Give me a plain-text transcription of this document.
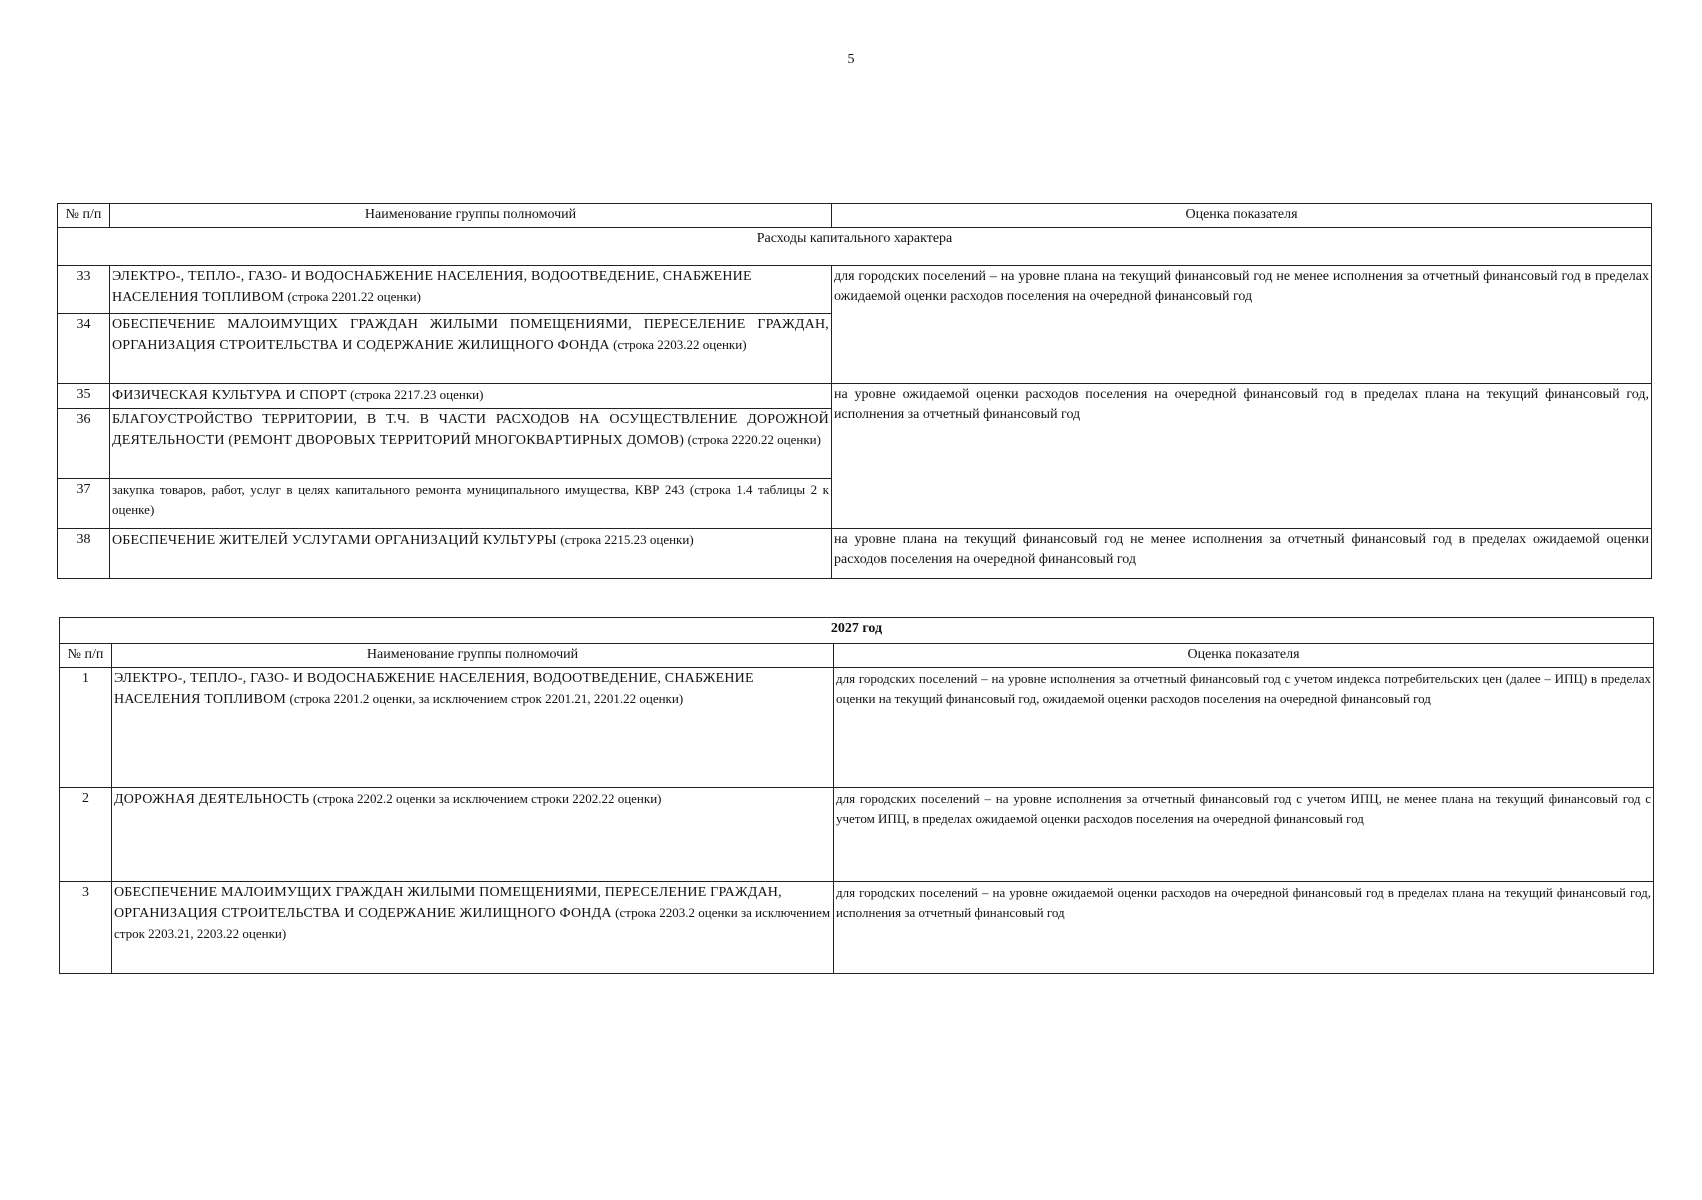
5
№ п/п	Наименование группы полномочий	Оценка показателя
Расходы капитального характера		
33	ЭЛЕКТРО-, ТЕПЛО-, ГАЗО- И ВОДОСНАБЖЕНИЕ НАСЕЛЕНИЯ, ВОДООТВЕДЕНИЕ, СНАБЖЕНИЕ НАСЕЛЕНИЯ ТОПЛИВОМ (строка 2201.22 оценки)	для городских поселений – на уровне плана на текущий финансовый год не менее исполнения за отчетный финансовый год в пределах ожидаемой оценки расходов поселения на очередной финансовый год
34	ОБЕСПЕЧЕНИЕ МАЛОИМУЩИХ ГРАЖДАН ЖИЛЫМИ ПОМЕЩЕНИЯМИ, ПЕРЕСЕЛЕНИЕ ГРАЖДАН, ОРГАНИЗАЦИЯ СТРОИТЕЛЬСТВА И СОДЕРЖАНИЕ ЖИЛИЩНОГО ФОНДА (строка 2203.22 оценки)	
35	ФИЗИЧЕСКАЯ КУЛЬТУРА И СПОРТ (строка 2217.23 оценки)	на уровне ожидаемой оценки расходов поселения на очередной финансовый год в пределах плана на текущий финансовый год, исполнения за отчетный финансовый год
36	БЛАГОУСТРОЙСТВО ТЕРРИТОРИИ, В Т.Ч. В ЧАСТИ РАСХОДОВ НА ОСУЩЕСТВЛЕНИЕ ДОРОЖНОЙ ДЕЯТЕЛЬНОСТИ (РЕМОНТ ДВОРОВЫХ ТЕРРИТОРИЙ МНОГОКВАРТИРНЫХ ДОМОВ) (строка 2220.22 оценки)	
37	закупка товаров, работ, услуг в целях капитального ремонта муниципального имущества, КВР 243 (строка 1.4 таблицы 2 к оценке)	
38	ОБЕСПЕЧЕНИЕ ЖИТЕЛЕЙ УСЛУГАМИ ОРГАНИЗАЦИЙ КУЛЬТУРЫ (строка 2215.23 оценки)	на уровне плана на текущий финансовый год не менее исполнения за отчетный финансовый год в пределах ожидаемой оценки расходов поселения на очередной финансовый год
2027 год		
№ п/п	Наименование группы полномочий	Оценка показателя
1	ЭЛЕКТРО-, ТЕПЛО-, ГАЗО- И ВОДОСНАБЖЕНИЕ НАСЕЛЕНИЯ, ВОДООТВЕДЕНИЕ, СНАБЖЕНИЕ НАСЕЛЕНИЯ ТОПЛИВОМ (строка 2201.2 оценки, за исключением строк 2201.21, 2201.22 оценки)	для городских поселений – на уровне исполнения за отчетный финансовый год с учетом индекса потребительских цен (далее – ИПЦ) в пределах оценки на текущий финансовый год, ожидаемой оценки расходов поселения на очередной финансовый год
2	ДОРОЖНАЯ ДЕЯТЕЛЬНОСТЬ (строка 2202.2 оценки за исключением строки 2202.22 оценки)	для городских поселений – на уровне исполнения за отчетный финансовый год с учетом ИПЦ, не менее плана на текущий финансовый год с учетом ИПЦ, в пределах ожидаемой оценки расходов поселения на очередной финансовый год
3	ОБЕСПЕЧЕНИЕ МАЛОИМУЩИХ ГРАЖДАН ЖИЛЫМИ ПОМЕЩЕНИЯМИ, ПЕРЕСЕЛЕНИЕ ГРАЖДАН, ОРГАНИЗАЦИЯ СТРОИТЕЛЬСТВА И СОДЕРЖАНИЕ ЖИЛИЩНОГО ФОНДА (строка 2203.2 оценки за исключением строк 2203.21, 2203.22 оценки)	для городских поселений – на уровне ожидаемой оценки расходов на очередной финансовый год в пределах плана на текущий финансовый год, исполнения за отчетный финансовый год
